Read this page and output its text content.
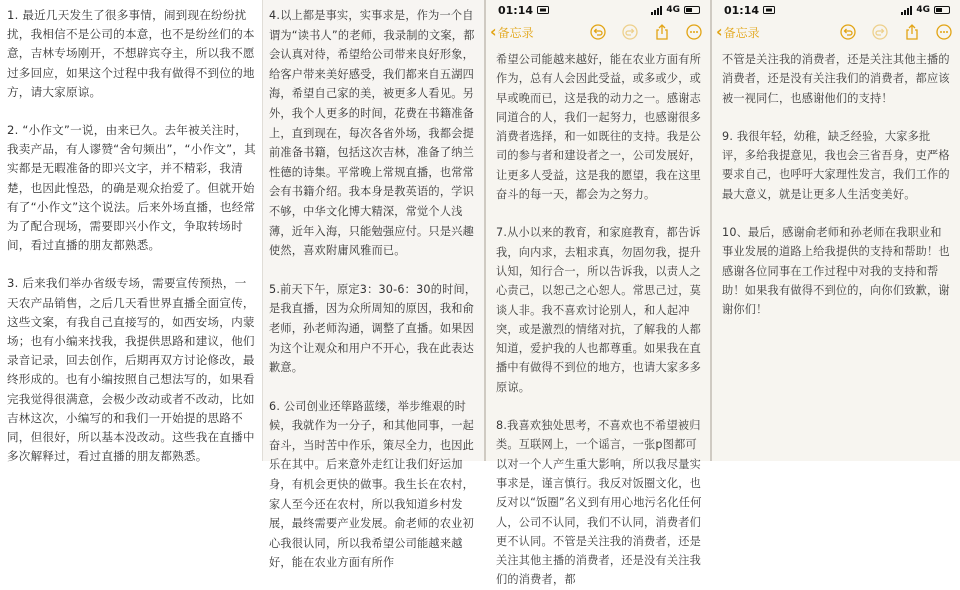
1. 最近几天发生了很多事情，闹到现在纷纷扰扰，我相信不是公司的本意，也不是纷丝们的本意，吉林专场刚开，不想辟宾夺主，所以我不愿过多回应，如果这个过程中我有做得不到位的地方，请大家原谅。

2. “小作文”一说，由来已久。去年被关注时，我卖产品，有人谬赞“舍句频出”，“小作文”，其实都是无暇准备的即兴文字，并不精彩，我清楚，也因此惶恐，的确是观众抬爱了。但就开始有了“小作文”这个说法。后来外场直播，也经常为了配合现场，需要即兴小作文，争取转场时间，看过直播的朋友都熟悉。

3. 后来我们举办省级专场，需要宣传预热，一天农产品销售，之后几天看世界直播全面宣传，这些文案，有我自己直接写的，如西安场，内蒙场；也有小编来找我，我提供思路和建议，他们录音记录，回去创作，后期再双方讨论修改，最终形成的。也有小编按照自己想法写的，如果看完我觉得很满意，会极少改动或者不改动，比如吉林这次，小编写的和我们一开始提的思路不同，但很好，所以基本没改动。这些我在直播中多次解释过，看过直播的朋友都熟悉。

4.以上都是事实，实事求是，作为一个自谓为“读书人”的老师，我录制的文案，都会认真对待，希望给公司带来良好形象，给客户带来美好感受，我们都来自五湖四海，希望自己家的美，被更多人看见。另外，我个人更多的时间，花费在书籍准备上，直到现在，每次各省外场，我都会提前准备书籍，包括这次吉林，准备了纳兰性德的诗集。平常晚上常规直播，也常常会有书籍介绍。我本身是教英语的，学识不够，中华文化博大精深，常觉个人浅薄，近年入海，只能勉强应付。只是兴趣使然，喜欢附庸风雅而已。

5.前天下午，原定3：30-6：30的时间，是我直播，因为众所周知的原因，我和俞老师，孙老师沟通，调整了直播。如果因为这个让观众和用户不开心，我在此表达歉意。

6. 公司创业还筚路蓝缕，举步维艰的时候，我就作为一分子，和其他同事，一起奋斗，当时苦中作乐，策尽全力，也因此乐在其中。后来意外走红让我们好运加身，有机会更快的做事。我生长在农村，家人至今还在农村，所以我知道乡村发展，最终需要产业发展。俞老师的农业初心我很认同，所以我希望公司能越来越好，能在农业方面有所作

01:14	4G
‹ 备忘录

希望公司能越来越好，能在农业方面有所作为，总有人会因此受益，或多或少，或早或晚而已，这是我的动力之一。感谢志同道合的人，我们一起努力，也感谢很多消费者选择，和一如既往的支持。我是公司的参与者和建设者之一，公司发展好，让更多人受益，这是我的愿望，我在这里奋斗的每一天，都会为之努力。

7.从小以来的教育，和家庭教育，都告诉我，向内求，去粗求真，勿固勿我，提升认知，知行合一，所以告诉我，以责人之心责己，以恕己之心恕人。常思己过，莫谈人非。我不喜欢讨论别人，和人起冲突，或是激烈的情绪对抗，了解我的人都知道，爱护我的人也都尊重。如果我在直播中有做得不到位的地方，也请大家多多原谅。

8.我喜欢独处思考，不喜欢也不希望被归类。互联网上，一个谣言，一张p图都可以对一个人产生重大影响，所以我尽量实事求是，谨言慎行。我反对饭圈文化，也反对以“饭圈”名义到有用心地污名化任何人，公司不认同，我们不认同，消费者们更不认同。不管是关注我的消费者，还是关注其他主播的消费者，还是没有关注我们的消费者，都

01:14	4G
‹ 备忘录

不管是关注我的消费者，还是关注其他主播的消费者，还是没有关注我们的消费者，都应该被一视同仁，也感谢他们的支持！

9. 我很年轻，幼稚，缺乏经验，大家多批评，多给我提意见，我也会三省吾身，吏严格要求自己，也呼吁大家理性发言，我们工作的最大意义，就是让更多人生活变美好。

10、最后，感谢俞老师和孙老师在我职业和事业发展的道路上给我提供的支持和帮助！也感谢各位同事在工作过程中对我的支持和帮助！如果我有做得不到位的，向你们致歉，谢谢你们！
